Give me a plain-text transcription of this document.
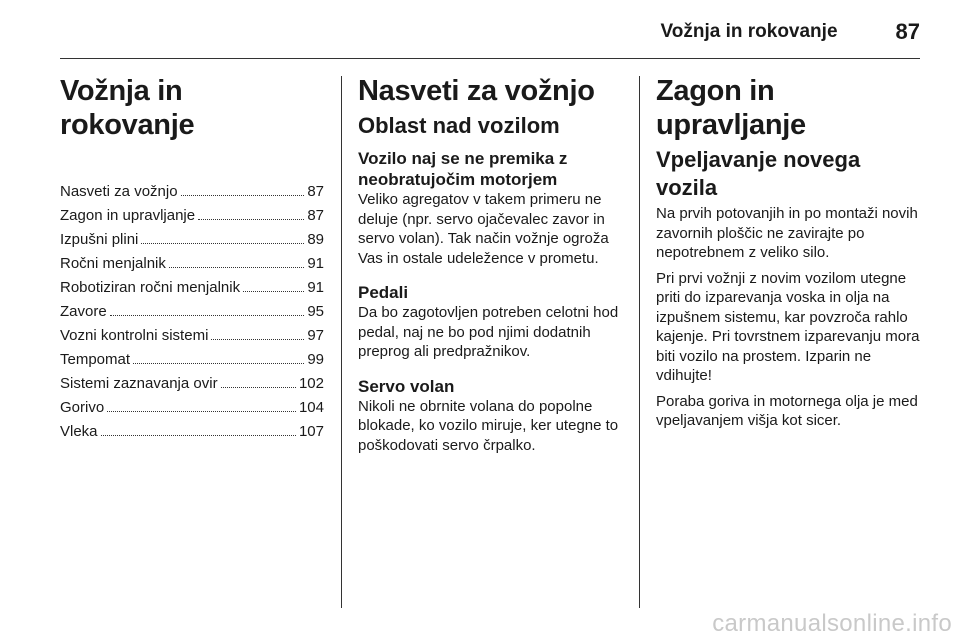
Vožnja in rokovanje	87
Vožnja in rokovanje
Nasveti za vožnjo	87
Zagon in upravljanje	87
Izpušni plini	89
Ročni menjalnik	91
Robotiziran ročni menjalnik	91
Zavore	95
Vozni kontrolni sistemi	97
Tempomat	99
Sistemi zaznavanja ovir	102
Gorivo	104
Vleka	107
Nasveti za vožnjo
Oblast nad vozilom
Vozilo naj se ne premika z neobratujočim motorjem

Veliko agregatov v takem primeru ne deluje (npr. servo ojačevalec zavor in servo volan). Tak način vožnje ogroža Vas in ostale udeležence v prometu.

Pedali

Da bo zagotovljen potreben celotni hod pedal, naj ne bo pod njimi dodatnih preprog ali predpražnikov.

Servo volan

Nikoli ne obrnite volana do popolne blokade, ko vozilo miruje, ker utegne to poškodovati servo črpalko.

Zagon in upravljanje
Vpeljavanje novega vozila

Na prvih potovanjih in po montaži novih zavornih ploščic ne zavirajte po nepotrebnem z veliko silo.

Pri prvi vožnji z novim vozilom utegne priti do izparevanja voska in olja na izpušnem sistemu, kar povzroča rahlo kajenje. Pri tovrstnem izparevanju mora biti vozilo na prostem. Izparin ne vdihujte!

Poraba goriva in motornega olja je med vpeljavanjem višja kot sicer.

carmanualsonline.info
